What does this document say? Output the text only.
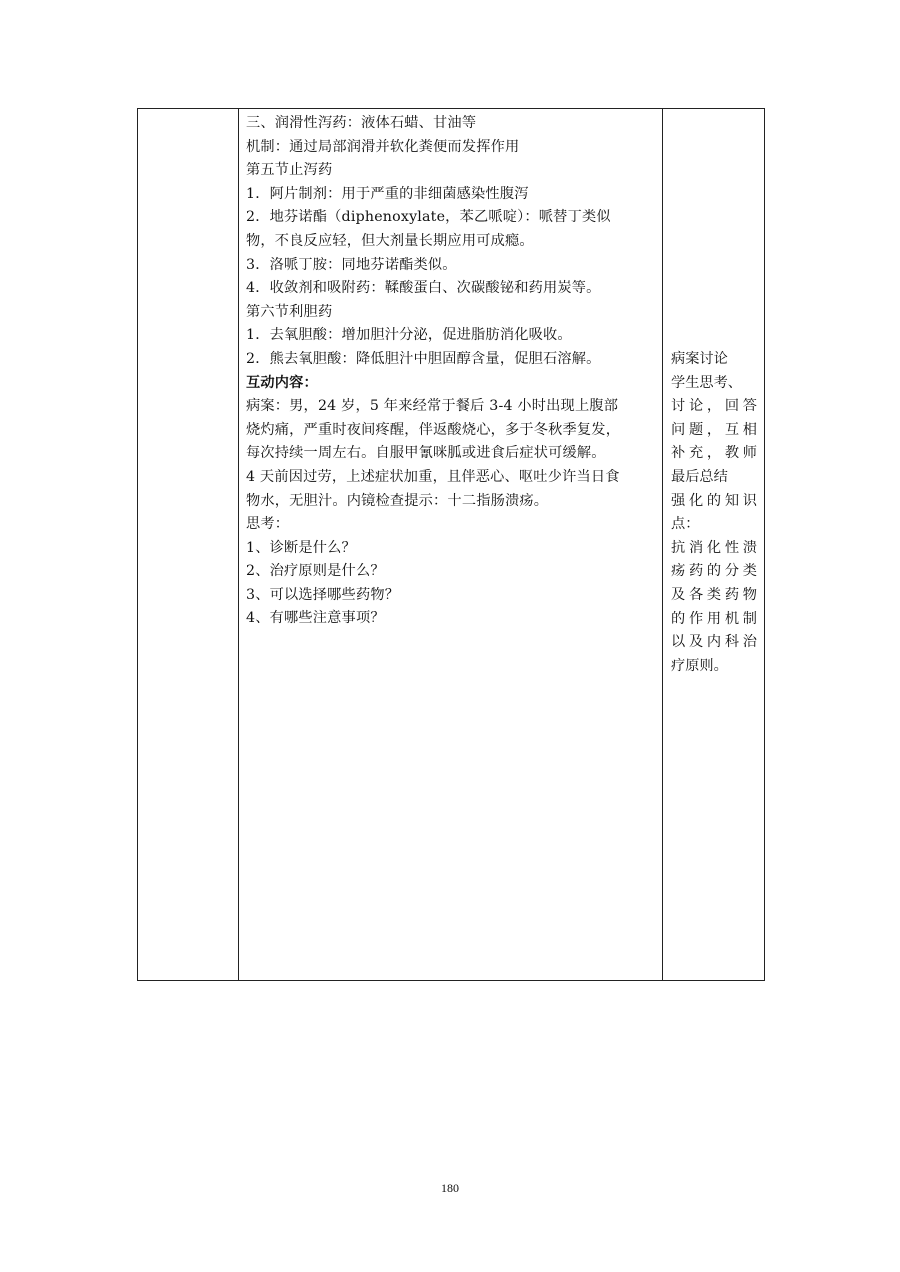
三、润滑性泻药：液体石蜡、甘油等
机制：通过局部润滑并软化粪便而发挥作用
第五节止泻药
1．阿片制剂：用于严重的非细菌感染性腹泻
2．地芬诺酯（diphenoxylate，苯乙哌啶）：哌替丁类似
物，不良反应轻，但大剂量长期应用可成瘾。
3．洛哌丁胺：同地芬诺酯类似。
4．收敛剂和吸附药：鞣酸蛋白、次碳酸铋和药用炭等。
第六节利胆药
1．去氧胆酸：增加胆汁分泌，促进脂肪消化吸收。
2．熊去氧胆酸：降低胆汁中胆固醇含量，促胆石溶解。
互动内容：
病案：男，24 岁，5 年来经常于餐后 3-4 小时出现上腹部
烧灼痛，严重时夜间疼醒，伴返酸烧心，多于冬秋季复发，
每次持续一周左右。自服甲氰咪胍或进食后症状可缓解。
4 天前因过劳，上述症状加重，且伴恶心、呕吐少许当日食
物水，无胆汁。内镜检查提示：十二指肠溃疡。
思考：
1、诊断是什么？
2、治疗原则是什么？
3、可以选择哪些药物？
4、有哪些注意事项？
病案讨论
学生思考、
讨论，回答
问题，互相
补充，教师
最后总结
强化的知识
点：
抗消化性溃
疡药的分类
及各类药物
的作用机制
以及内科治
疗原则。
180
